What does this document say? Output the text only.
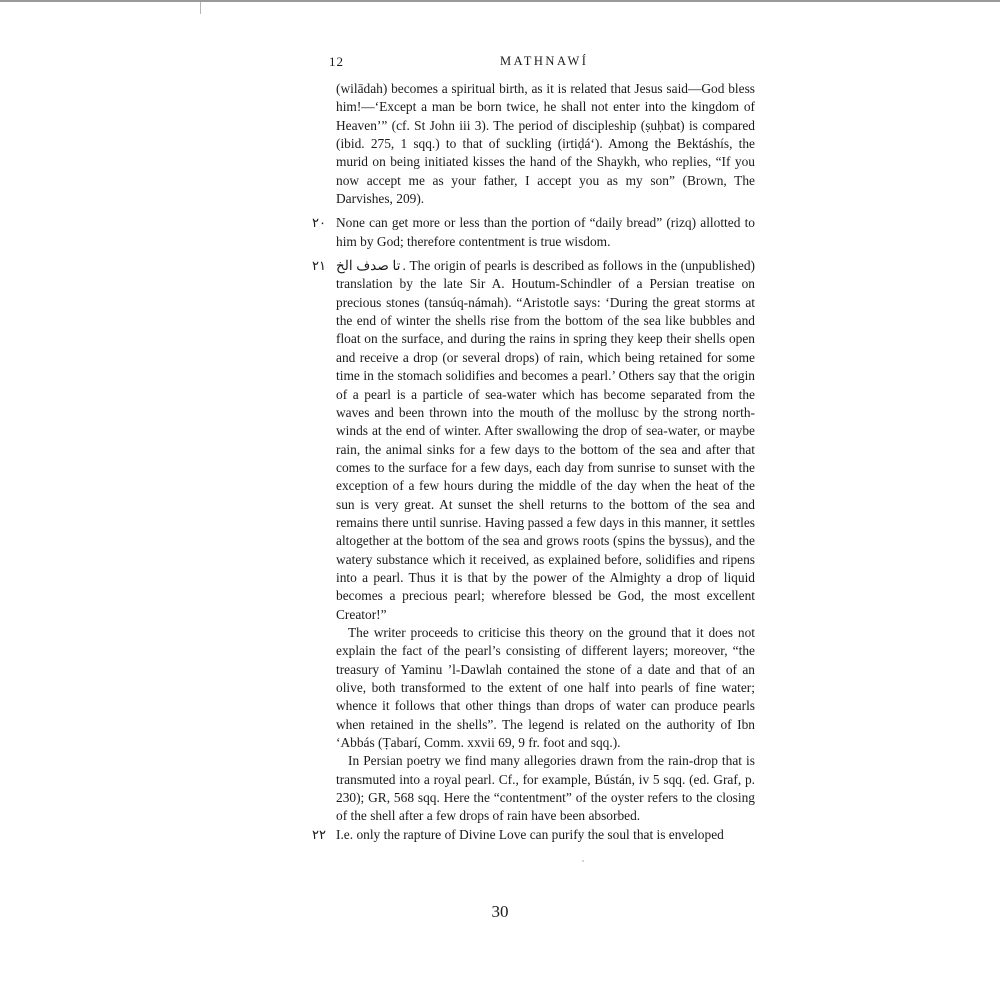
12	MATHNAWÍ

(wilādah) becomes a spiritual birth, as it is related that Jesus said—God bless him!—‘Except a man be born twice, he shall not enter into the kingdom of Heaven’” (cf. St John iii 3). The period of discipleship (ṣuḥbat) is compared (ibid. 275, 1 sqq.) to that of suckling (irtiḍá‘). Among the Bektáshís, the murid on being initiated kisses the hand of the Shaykh, who replies, “If you now accept me as your father, I accept you as my son” (Brown, The Darvishes, 209).

۲۰ None can get more or less than the portion of “daily bread” (rizq) allotted to him by God; therefore contentment is true wisdom.

۲۱ تا صدف الخ . The origin of pearls is described as follows in the (unpublished) translation by the late Sir A. Houtum-Schindler of a Persian treatise on precious stones (tansúq-námah). “Aristotle says: ‘During the great storms at the end of winter the shells rise from the bottom of the sea like bubbles and float on the surface, and during the rains in spring they keep their shells open and receive a drop (or several drops) of rain, which being retained for some time in the stomach solidifies and becomes a pearl.’ Others say that the origin of a pearl is a particle of sea-water which has become separated from the waves and been thrown into the mouth of the mollusc by the strong north-winds at the end of winter. After swallowing the drop of sea-water, or maybe rain, the animal sinks for a few days to the bottom of the sea and after that comes to the surface for a few days, each day from sunrise to sunset with the exception of a few hours during the middle of the day when the heat of the sun is very great. At sunset the shell returns to the bottom of the sea and remains there until sunrise. Having passed a few days in this manner, it settles altogether at the bottom of the sea and grows roots (spins the byssus), and the watery substance which it received, as explained before, solidifies and ripens into a pearl. Thus it is that by the power of the Almighty a drop of liquid becomes a precious pearl; wherefore blessed be God, the most excellent Creator!”

The writer proceeds to criticise this theory on the ground that it does not explain the fact of the pearl’s consisting of different layers; moreover, “the treasury of Yaminu ’l-Dawlah contained the stone of a date and that of an olive, both transformed to the extent of one half into pearls of fine water; whence it follows that other things than drops of water can produce pearls when retained in the shells”. The legend is related on the authority of Ibn ‘Abbás (Ṭabarí, Comm. xxvii 69, 9 fr. foot and sqq.).

In Persian poetry we find many allegories drawn from the rain-drop that is transmuted into a royal pearl. Cf., for example, Bústán, iv 5 sqq. (ed. Graf, p. 230); GR, 568 sqq. Here the “contentment” of the oyster refers to the closing of the shell after a few drops of rain have been absorbed.

۲۲ I.e. only the rapture of Divine Love can purify the soul that is enveloped

30
